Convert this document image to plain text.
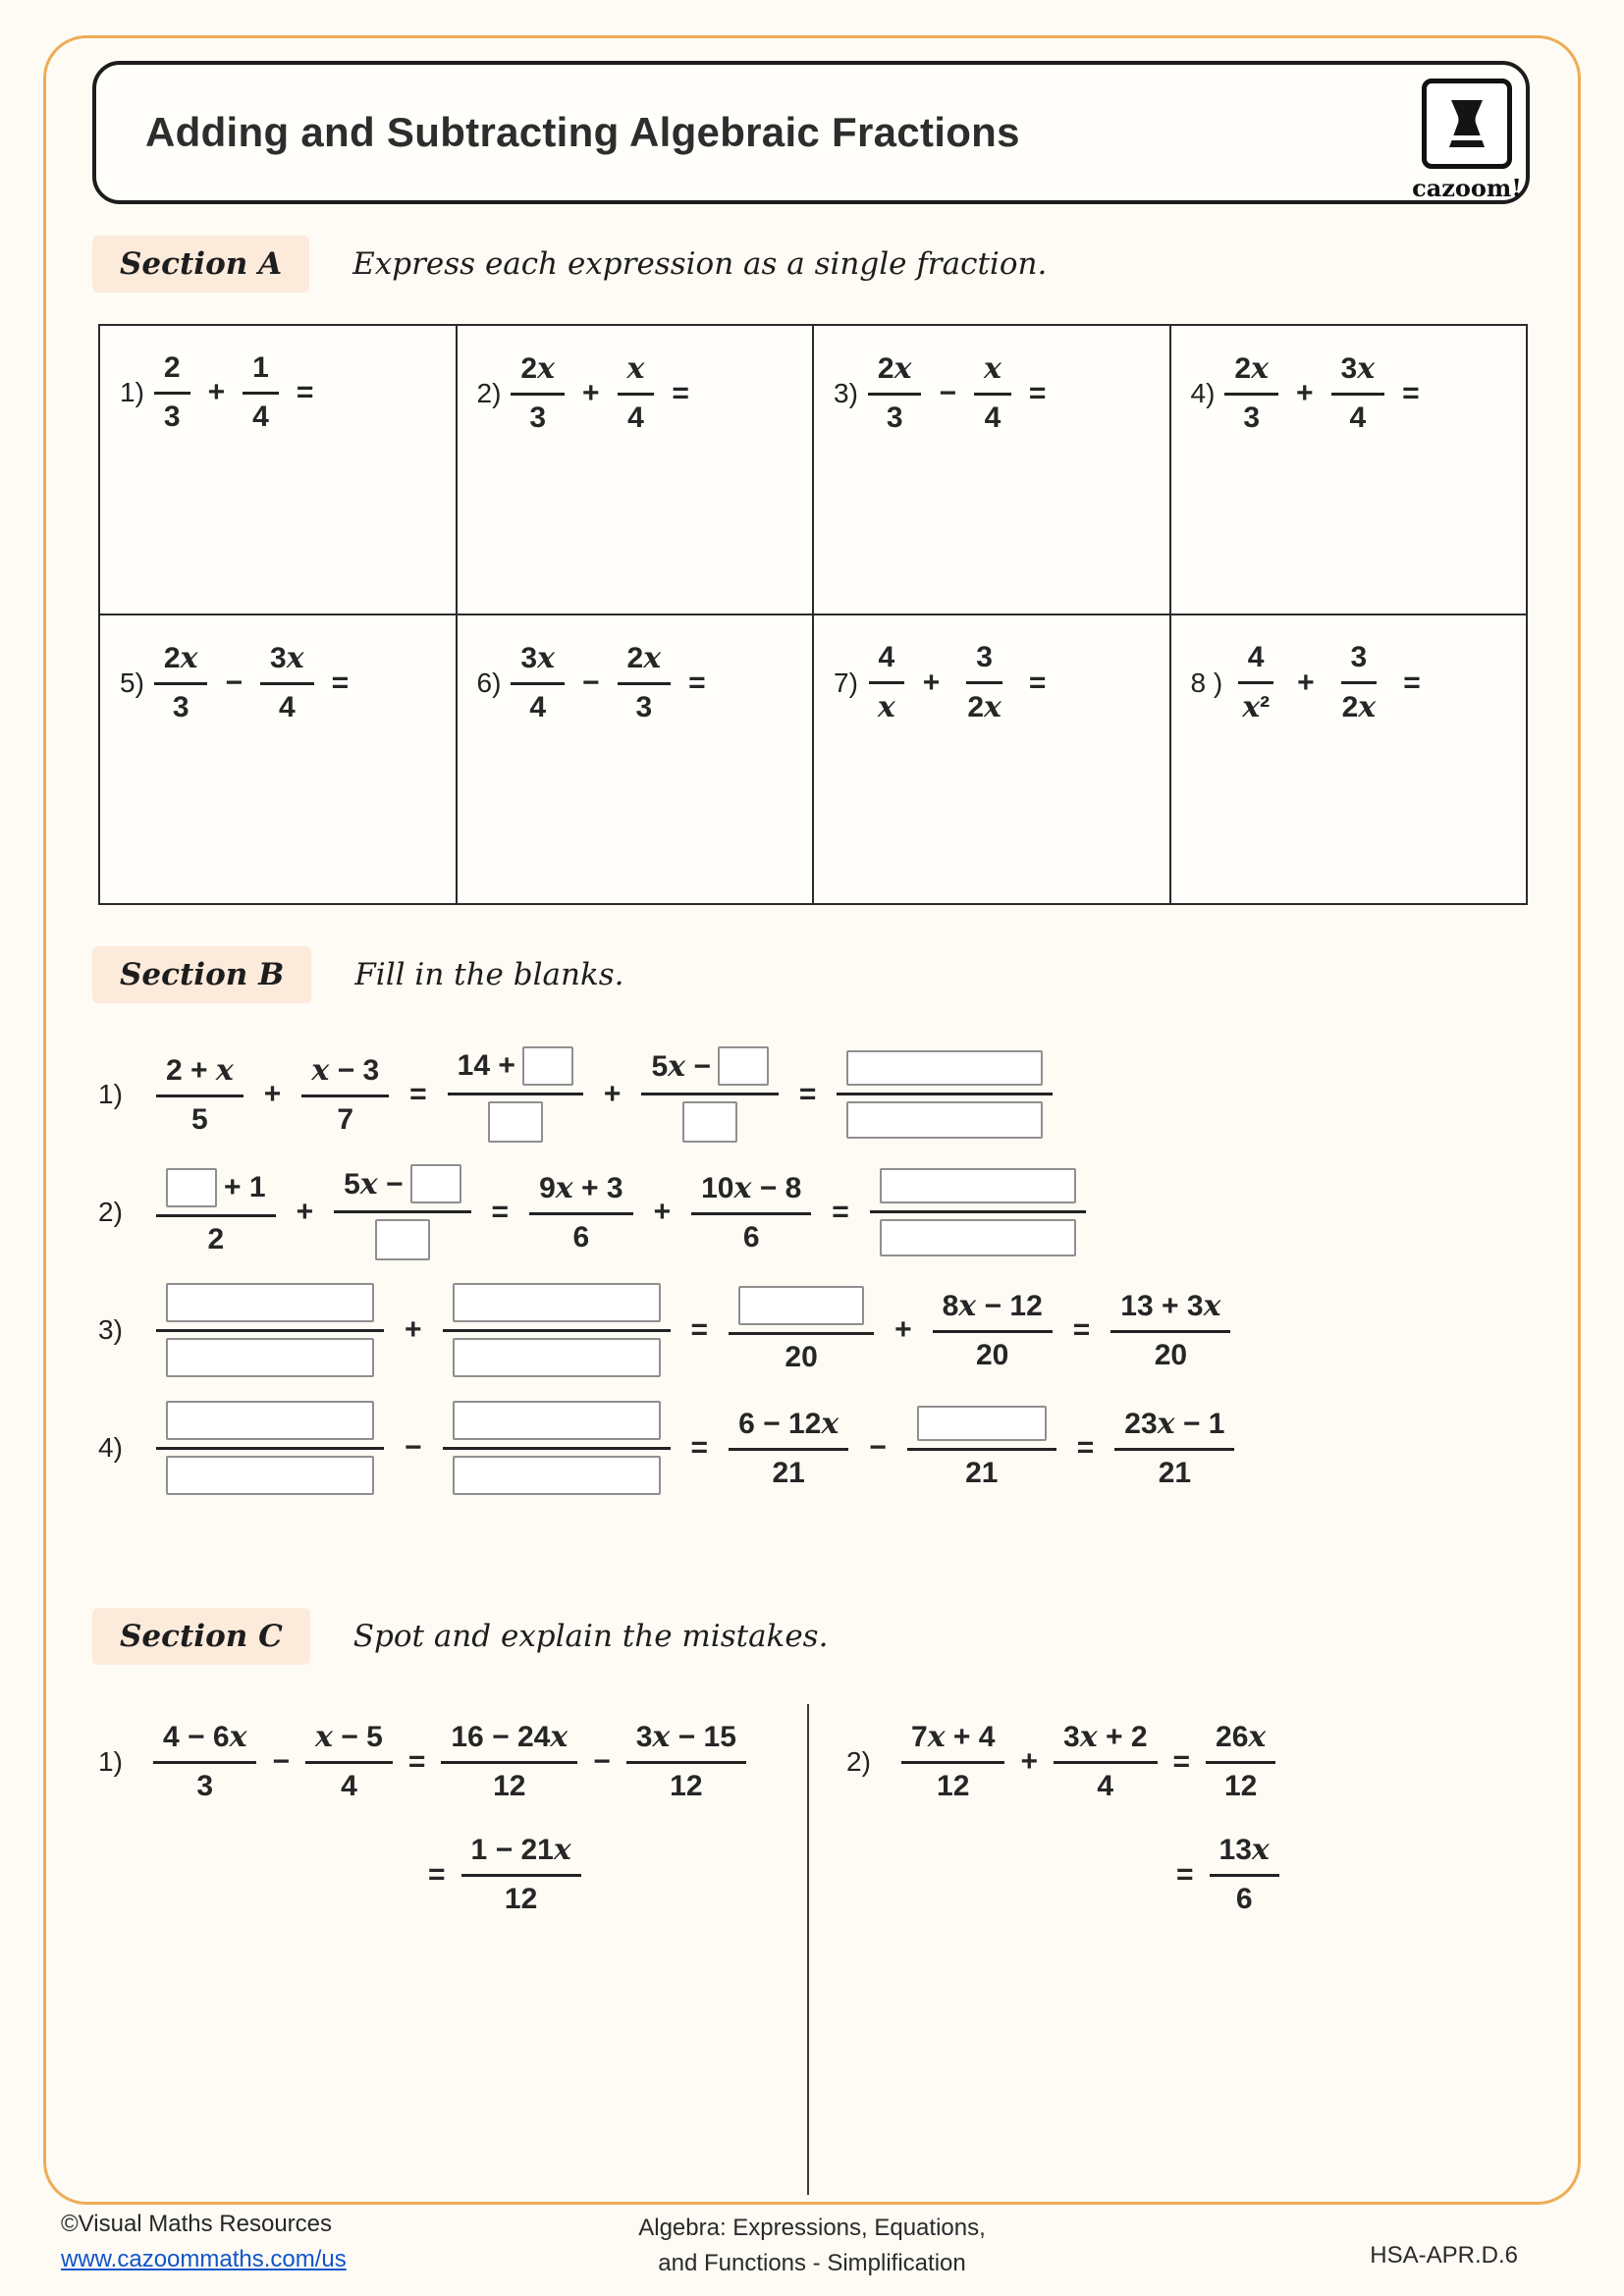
Adding and Subtracting Algebraic Fractions
cazoom!
Section A	Express each expression as a single fraction.
$1) \frac{2}{3} + \frac{1}{4}$ =	$2) \frac{2x}{3} + \frac{x}{4}$ =	$3) \frac{2x}{3} - \frac{x}{4}$ =	$4) \frac{2x}{3} + \frac{3x}{4}$ =
$5) \frac{2x}{3} - \frac{3x}{4}$ =	$6) \frac{3x}{4} - \frac{2x}{3}$ =	$7) \frac{4}{x} + \frac{3}{2x}$ =	8 ) $\frac{4}{\text{x²}} + \frac{3}{2x}$ =
Section B	Fill in the blanks.
1)	$\frac{2 + x}{5} + \frac{x - 3}{7}$ =
14 +
+
5x −
=
2)	$\frac{+ 1}{2}$ +
5x −
= $\frac{9x + 3}{6} + \frac{10x - 8}{6}$ =
3)	+	=
20
+ $\frac{8x - 12}{20} = \frac{13 + 3x}{20}$
4)	−	= $\frac{6 - 12x}{21}$ −
21
= $\frac{23x - 1}{21}$
Section C	Spot and explain the mistakes.
1)	$\frac{4 - 6x}{3} - \frac{x - 5}{4} = \frac{16 - 24x}{12} - \frac{3x - 15}{12}$
= $\frac{1 - 21x}{12}$
2)	$\frac{7x + 4}{12} + \frac{3x + 2}{4} = \frac{26x}{12}$
= $\frac{13x}{6}$
©Visual Maths Resources
www.cazoommaths.com/us
Algebra: Expressions, Equations,
and Functions - Simplification	HSA-APR.D.6
